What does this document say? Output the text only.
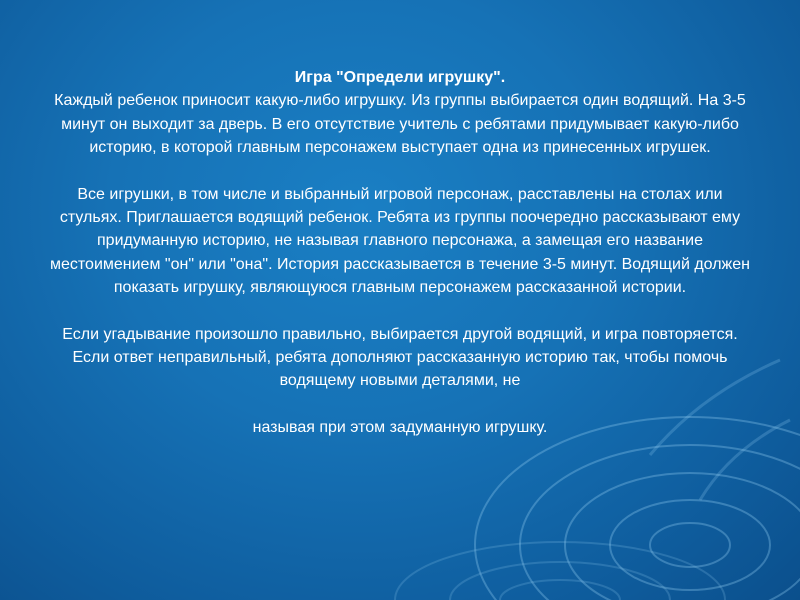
Игра "Определи игрушку".

Каждый ребенок приносит какую-либо игрушку. Из группы выбирается один водящий. На 3-5 минут он выходит за дверь. В его отсутствие учитель с ребятами придумывает какую-либо историю, в которой главным персонажем выступает одна из принесенных игрушек.

Все игрушки, в том числе и выбранный игровой персонаж, расставлены на столах или стульях. Приглашается водящий ребенок. Ребята из группы поочередно рассказывают ему придуманную историю, не называя главного персонажа, а замещая его название местоимением "он" или "она". История рассказывается в течение 3-5 минут. Водящий должен показать игрушку, являющуюся главным персонажем рассказанной истории.

Если угадывание произошло правильно, выбирается другой водящий, и игра повторяется. Если ответ неправильный, ребята дополняют рассказанную историю так, чтобы помочь водящему новыми деталями, не

называя при этом задуманную игрушку.
